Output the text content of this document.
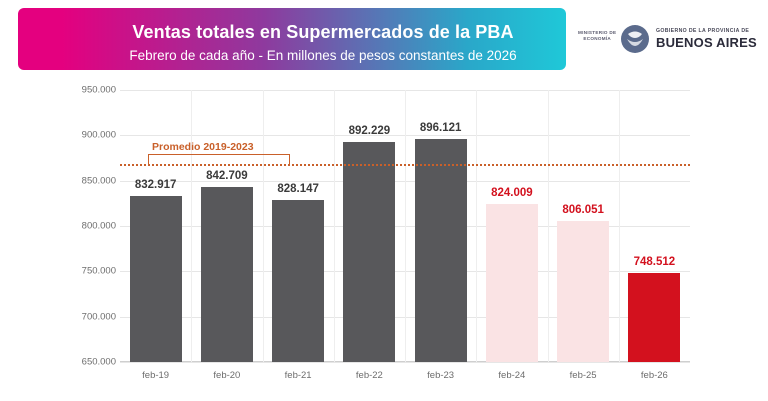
Ventas totales en Supermercados de la PBA
Febrero de cada año - En millones de pesos constantes de 2026
MINISTERIO DE
ECONOMÍA
GOBIERNO DE LA PROVINCIA DE
BUENOS AIRES
650.000
700.000
750.000
800.000
850.000
900.000
950.000
832.917
842.709
828.147
892.229	896.121
824.009
806.051
748.512
Promedio 2019-2023
feb-19	feb-20	feb-21	feb-22	feb-23	feb-24	feb-25	feb-26
